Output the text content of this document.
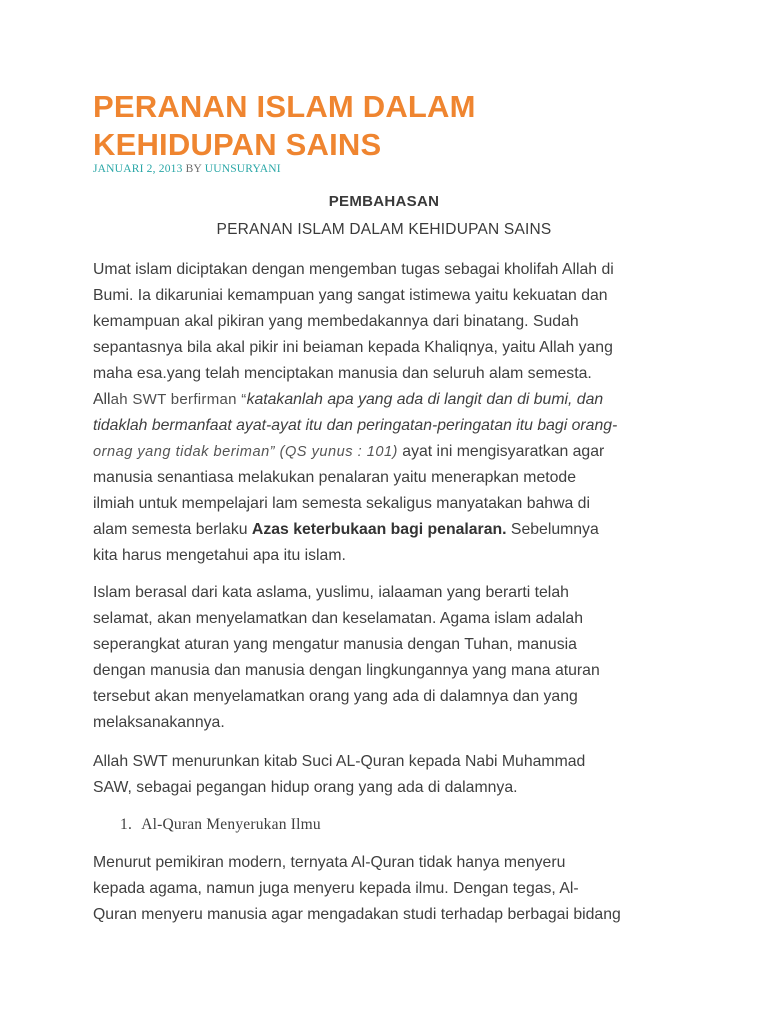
PERANAN ISLAM DALAM
KEHIDUPAN SAINS
JANUARI 2, 2013 BY UUNSURYANI
PEMBAHASAN
PERANAN ISLAM DALAM KEHIDUPAN SAINS

Umat islam diciptakan dengan mengemban tugas sebagai kholifah Allah di
Bumi. Ia dikaruniai kemampuan yang sangat istimewa yaitu kekuatan dan
kemampuan akal pikiran yang membedakannya dari binatang. Sudah
sepantasnya bila akal pikir ini beiaman kepada Khaliqnya, yaitu Allah yang
maha esa.yang telah menciptakan manusia dan seluruh alam semesta.
Allah SWT berfirman “katakanlah apa yang ada di langit dan di bumi, dan
tidaklah bermanfaat ayat-ayat itu dan peringatan-peringatan itu bagi orang-
ornag yang tidak beriman” (QS yunus : 101) ayat ini mengisyaratkan agar
manusia senantiasa melakukan penalaran yaitu menerapkan metode
ilmiah untuk mempelajari lam semesta sekaligus manyatakan bahwa di
alam semesta berlaku Azas keterbukaan bagi penalaran. Sebelumnya
kita harus mengetahui apa itu islam.

Islam berasal dari kata aslama, yuslimu, ialaaman yang berarti telah
selamat, akan menyelamatkan dan keselamatan. Agama islam adalah
seperangkat aturan yang mengatur manusia dengan Tuhan, manusia
dengan manusia dan manusia dengan lingkungannya yang mana aturan
tersebut akan menyelamatkan orang yang ada di dalamnya dan yang
melaksanakannya.

Allah SWT menurunkan kitab Suci AL-Quran kepada Nabi Muhammad
SAW, sebagai pegangan hidup orang yang ada di dalamnya.

1. Al-Quran Menyerukan Ilmu

Menurut pemikiran modern, ternyata Al-Quran tidak hanya menyeru
kepada agama, namun juga menyeru kepada ilmu. Dengan tegas, Al-
Quran menyeru manusia agar mengadakan studi terhadap berbagai bidang
